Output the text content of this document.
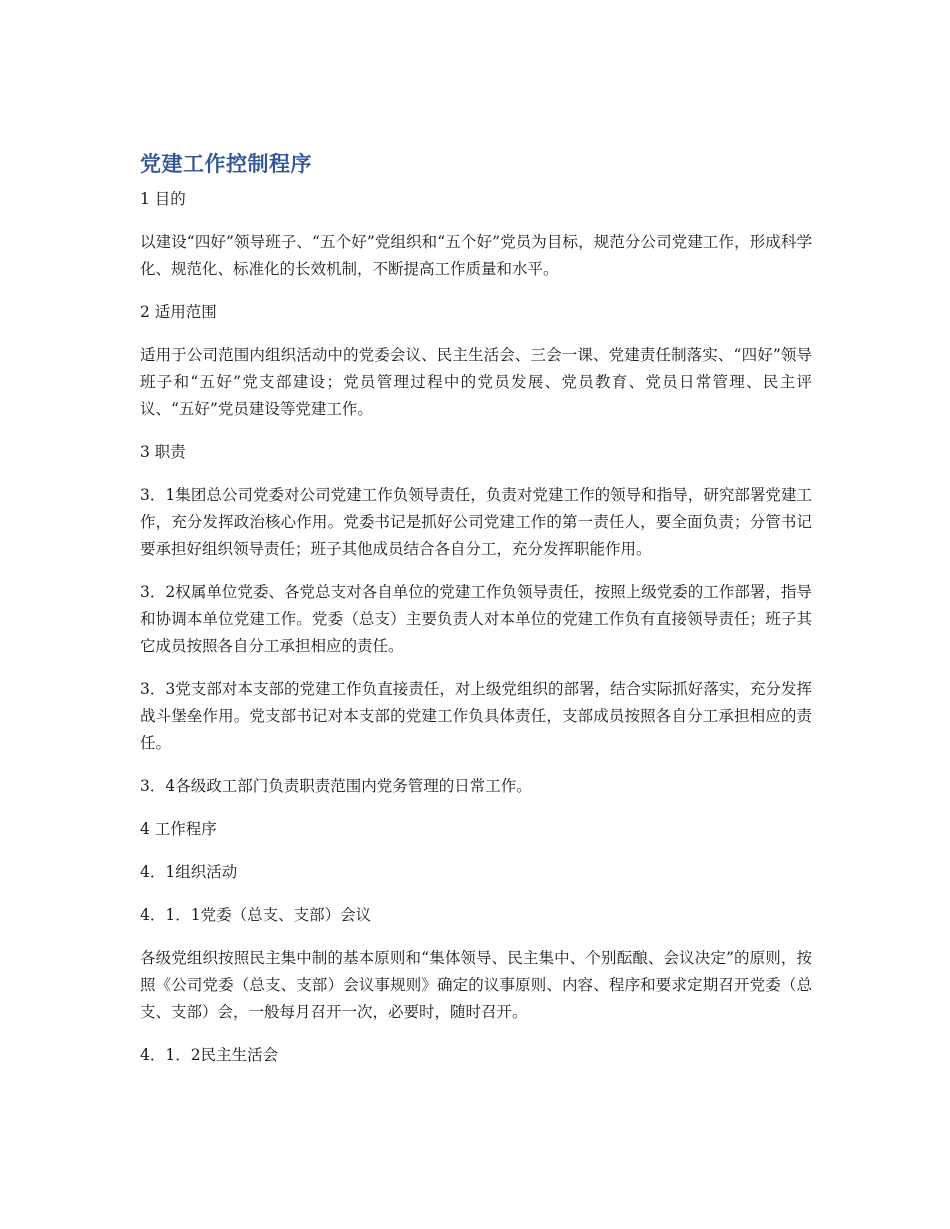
党建工作控制程序
1 目的
以建设“四好”领导班子、“五个好”党组织和“五个好”党员为目标，规范分公司党建工作，形成科学化、规范化、标准化的长效机制，不断提高工作质量和水平。
2 适用范围
适用于公司范围内组织活动中的党委会议、民主生活会、三会一课、党建责任制落实、“四好”领导班子和“五好”党支部建设；党员管理过程中的党员发展、党员教育、党员日常管理、民主评议、“五好”党员建设等党建工作。
3 职责
3．1集团总公司党委对公司党建工作负领导责任，负责对党建工作的领导和指导，研究部署党建工作，充分发挥政治核心作用。党委书记是抓好公司党建工作的第一责任人，要全面负责；分管书记要承担好组织领导责任；班子其他成员结合各自分工，充分发挥职能作用。
3．2权属单位党委、各党总支对各自单位的党建工作负领导责任，按照上级党委的工作部署，指导和协调本单位党建工作。党委（总支）主要负责人对本单位的党建工作负有直接领导责任；班子其它成员按照各自分工承担相应的责任。
3．3党支部对本支部的党建工作负直接责任，对上级党组织的部署，结合实际抓好落实，充分发挥战斗堡垒作用。党支部书记对本支部的党建工作负具体责任，支部成员按照各自分工承担相应的责任。
3．4各级政工部门负责职责范围内党务管理的日常工作。
4 工作程序
4．1组织活动
4．1．1党委（总支、支部）会议
各级党组织按照民主集中制的基本原则和“集体领导、民主集中、个别酝酿、会议决定”的原则，按照《公司党委（总支、支部）会议事规则》确定的议事原则、内容、程序和要求定期召开党委（总支、支部）会，一般每月召开一次，必要时，随时召开。
4．1．2民主生活会
